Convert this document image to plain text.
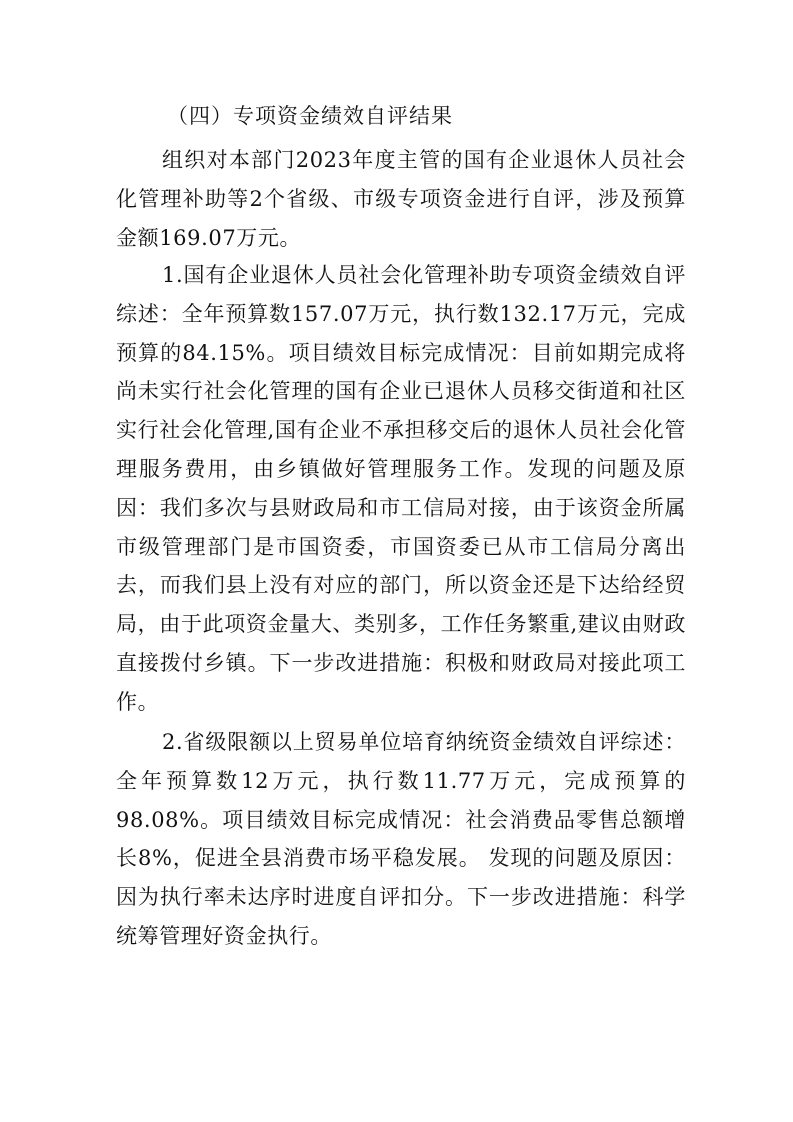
（四）专项资金绩效自评结果

组织对本部门2023年度主管的国有企业退休人员社会化管理补助等2个省级、市级专项资金进行自评，涉及预算金额169.07万元。

1.国有企业退休人员社会化管理补助专项资金绩效自评综述：全年预算数157.07万元，执行数132.17万元，完成预算的84.15%。项目绩效目标完成情况：目前如期完成将尚未实行社会化管理的国有企业已退休人员移交街道和社区实行社会化管理,国有企业不承担移交后的退休人员社会化管理服务费用，由乡镇做好管理服务工作。发现的问题及原因：我们多次与县财政局和市工信局对接，由于该资金所属市级管理部门是市国资委，市国资委已从市工信局分离出去，而我们县上没有对应的部门，所以资金还是下达给经贸局，由于此项资金量大、类别多，工作任务繁重,建议由财政直接拨付乡镇。下一步改进措施：积极和财政局对接此项工作。

2.省级限额以上贸易单位培育纳统资金绩效自评综述：全年预算数12万元，执行数11.77万元，完成预算的98.08%。项目绩效目标完成情况：社会消费品零售总额增长8%，促进全县消费市场平稳发展。 发现的问题及原因：因为执行率未达序时进度自评扣分。下一步改进措施：科学统筹管理好资金执行。
